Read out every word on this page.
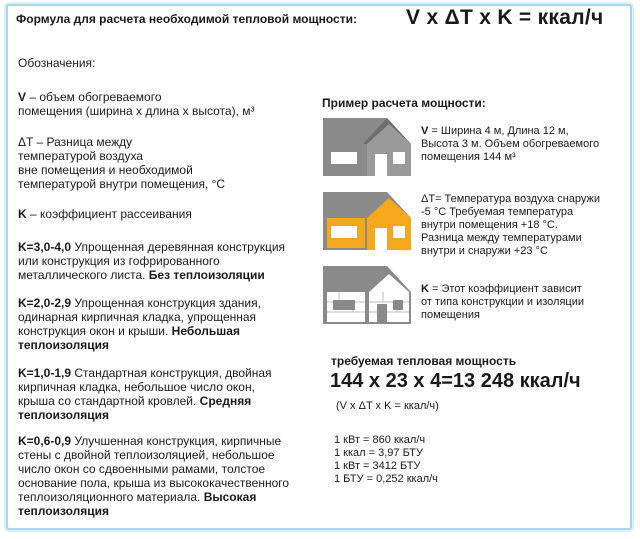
Формула для расчета необходимой тепловой мощности: V x ΔT x K = ккал/ч
Обозначения:
V – объем обогреваемого
помещения (ширина х длина х высота), м³
ΔT – Разница между
температурой воздуха
вне помещения и необходимой
температурой внутри помещения, °С
K – коэффициент рассеивания
K=3,0-4,0 Упрощенная деревянная конструкция
или конструкция из гофрированного
металлического листа. Без теплоизоляции
K=2,0-2,9 Упрощенная конструкция здания,
одинарная кирпичная кладка, упрощенная
конструкция окон и крыши. Небольшая
теплоизоляция
K=1,0-1,9 Стандартная конструкция, двойная
кирпичная кладка, небольшое число окон,
крыша со стандартной кровлей. Средняя
теплоизоляция
K=0,6-0,9 Улучшенная конструкция, кирпичные
стены с двойной теплоизоляцией, небольшое
число окон со сдвоенными рамами, толстое
основание пола, крыша из высококачественного
теплоизоляционного материала. Высокая
теплоизоляция
Пример расчета мощности:
V = Ширина 4 м, Длина 12 м,
Высота 3 м. Объем обогреваемого
помещения 144 м³
ΔT= Температура воздуха снаружи
-5 °С Требуемая температура
внутри помещения +18 °С.
Разница между температурами
внутри и снаружи +23 °С
K = Этот коэффициент зависит
от типа конструкции и изоляции
помещения
требуемая тепловая мощность
144 x 23 x 4=13 248 ккал/ч
(V x ΔT x K = ккал/ч)
1 кВт = 860 ккал/ч
1 ккал = 3,97 БТУ
1 кВт = 3412 БТУ
1 БТУ = 0,252 ккал/ч
